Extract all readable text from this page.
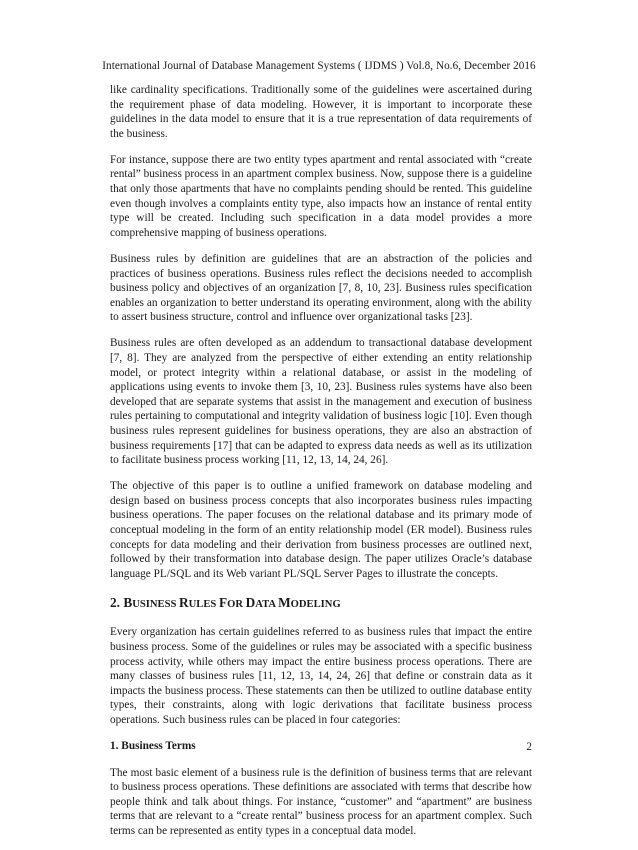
International Journal of Database Management Systems ( IJDMS ) Vol.8, No.6, December 2016

like cardinality specifications. Traditionally some of the guidelines were ascertained during the requirement phase of data modeling. However, it is important to incorporate these guidelines in the data model to ensure that it is a true representation of data requirements of the business.

For instance, suppose there are two entity types apartment and rental associated with “create rental” business process in an apartment complex business. Now, suppose there is a guideline that only those apartments that have no complaints pending should be rented. This guideline even though involves a complaints entity type, also impacts how an instance of rental entity type will be created. Including such specification in a data model provides a more comprehensive mapping of business operations.

Business rules by definition are guidelines that are an abstraction of the policies and practices of business operations. Business rules reflect the decisions needed to accomplish business policy and objectives of an organization [7, 8, 10, 23]. Business rules specification enables an organization to better understand its operating environment, along with the ability to assert business structure, control and influence over organizational tasks [23].

Business rules are often developed as an addendum to transactional database development [7, 8]. They are analyzed from the perspective of either extending an entity relationship model, or protect integrity within a relational database, or assist in the modeling of applications using events to invoke them [3, 10, 23]. Business rules systems have also been developed that are separate systems that assist in the management and execution of business rules pertaining to computational and integrity validation of business logic [10]. Even though business rules represent guidelines for business operations, they are also an abstraction of business requirements [17] that can be adapted to express data needs as well as its utilization to facilitate business process working [11, 12, 13, 14, 24, 26].

The objective of this paper is to outline a unified framework on database modeling and design based on business process concepts that also incorporates business rules impacting business operations. The paper focuses on the relational database and its primary mode of conceptual modeling in the form of an entity relationship model (ER model). Business rules concepts for data modeling and their derivation from business processes are outlined next, followed by their transformation into database design. The paper utilizes Oracle’s database language PL/SQL and its Web variant PL/SQL Server Pages to illustrate the concepts.

2. BUSINESS RULES FOR DATA MODELING

Every organization has certain guidelines referred to as business rules that impact the entire business process. Some of the guidelines or rules may be associated with a specific business process activity, while others may impact the entire business process operations. There are many classes of business rules [11, 12, 13, 14, 24, 26] that define or constrain data as it impacts the business process. These statements can then be utilized to outline database entity types, their constraints, along with logic derivations that facilitate business process operations. Such business rules can be placed in four categories:

1. Business Terms

The most basic element of a business rule is the definition of business terms that are relevant to business process operations. These definitions are associated with terms that describe how people think and talk about things. For instance, “customer” and “apartment” are business terms that are relevant to a “create rental” business process for an apartment complex. Such terms can be represented as entity types in a conceptual data model.

2
